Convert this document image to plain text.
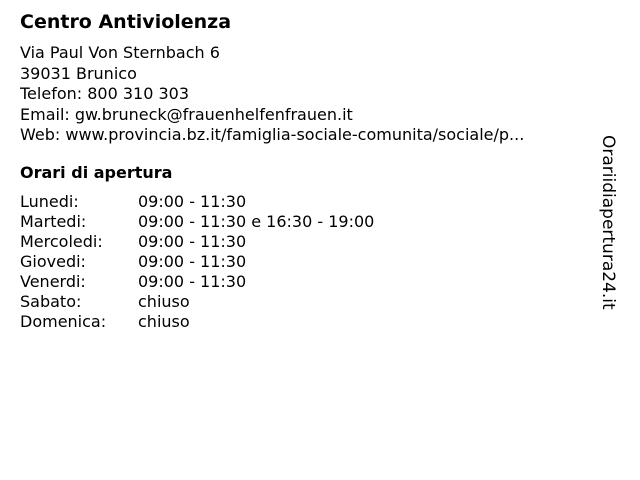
Centro Antiviolenza
Via Paul Von Sternbach 6
39031 Brunico
Telefon: 800 310 303
Email: gw.bruneck@frauenhelfenfrauen.it
Web: www.provincia.bz.it/famiglia-sociale-comunita/sociale/p...
Orari di apertura
Lunedi:	09:00 - 11:30
Martedi:	09:00 - 11:30 e 16:30 - 19:00
Mercoledi:	09:00 - 11:30
Giovedi:	09:00 - 11:30
Venerdi:	09:00 - 11:30
Sabato:	chiuso
Domenica:	chiuso
Orariidiapertura24.it
